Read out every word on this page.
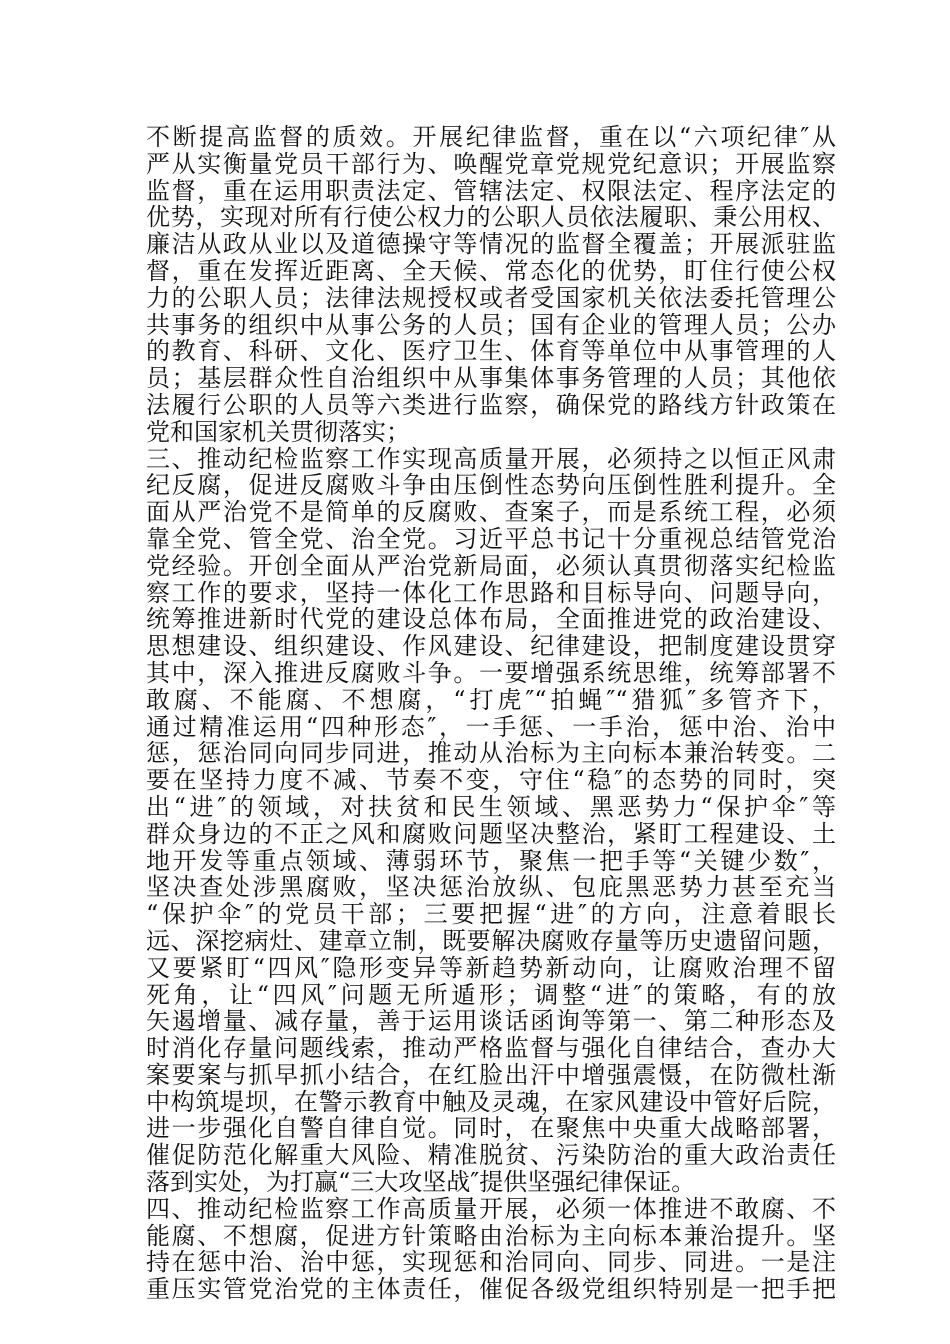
不断提高监督的质效。开展纪律监督，重在以“六项纪律″从
严从实衡量党员干部行为、唤醒党章党规党纪意识；开展监察
监督，重在运用职责法定、管辖法定、权限法定、程序法定的
优势，实现对所有行使公权力的公职人员依法履职、秉公用权、
廉洁从政从业以及道德操守等情况的监督全覆盖；开展派驻监
督，重在发挥近距离、全天候、常态化的优势，盯住行使公权
力的公职人员；法律法规授权或者受国家机关依法委托管理公
共事务的组织中从事公务的人员；国有企业的管理人员；公办
的教育、科研、文化、医疗卫生、体育等单位中从事管理的人
员；基层群众性自治组织中从事集体事务管理的人员；其他依
法履行公职的人员等六类进行监察，确保党的路线方针政策在
党和国家机关贯彻落实；
三、推动纪检监察工作实现高质量开展，必须持之以恒正风肃
纪反腐，促进反腐败斗争由压倒性态势向压倒性胜利提升。全
面从严治党不是简单的反腐败、查案子，而是系统工程，必须
靠全党、管全党、治全党。习近平总书记十分重视总结管党治
党经验。开创全面从严治党新局面，必须认真贯彻落实纪检监
察工作的要求，坚持一体化工作思路和目标导向、问题导向，
统筹推进新时代党的建设总体布局，全面推进党的政治建设、
思想建设、组织建设、作风建设、纪律建设，把制度建设贯穿
其中，深入推进反腐败斗争。一要增强系统思维，统筹部署不
敢腐、不能腐、不想腐，“打虎″“拍蝇″“猎狐″多管齐下，
通过精准运用“四种形态″，一手惩、一手治，惩中治、治中
惩，惩治同向同步同进，推动从治标为主向标本兼治转变。二
要在坚持力度不减、节奏不变，守住“稳″的态势的同时，突
出“进″的领域，对扶贫和民生领域、黑恶势力“保护伞″等
群众身边的不正之风和腐败问题坚决整治，紧盯工程建设、土
地开发等重点领域、薄弱环节，聚焦一把手等“关键少数″，
坚决查处涉黑腐败，坚决惩治放纵、包庇黑恶势力甚至充当
“保护伞″的党员干部；三要把握“进″的方向，注意着眼长
远、深挖病灶、建章立制，既要解决腐败存量等历史遗留问题，
又要紧盯“四风″隐形变异等新趋势新动向，让腐败治理不留
死角，让“四风″问题无所遁形；调整“进″的策略，有的放
矢遏增量、减存量，善于运用谈话函询等第一、第二种形态及
时消化存量问题线索，推动严格监督与强化自律结合，查办大
案要案与抓早抓小结合，在红脸出汗中增强震慑，在防微杜渐
中构筑堤坝，在警示教育中触及灵魂，在家风建设中管好后院，
进一步强化自警自律自觉。同时，在聚焦中央重大战略部署，
催促防范化解重大风险、精准脱贫、污染防治的重大政治责任
落到实处，为打赢“三大攻坚战″提供坚强纪律保证。
四、推动纪检监察工作高质量开展，必须一体推进不敢腐、不
能腐、不想腐，促进方针策略由治标为主向标本兼治提升。坚
持在惩中治、治中惩，实现惩和治同向、同步、同进。一是注
重压实管党治党的主体责任，催促各级党组织特别是一把手把
